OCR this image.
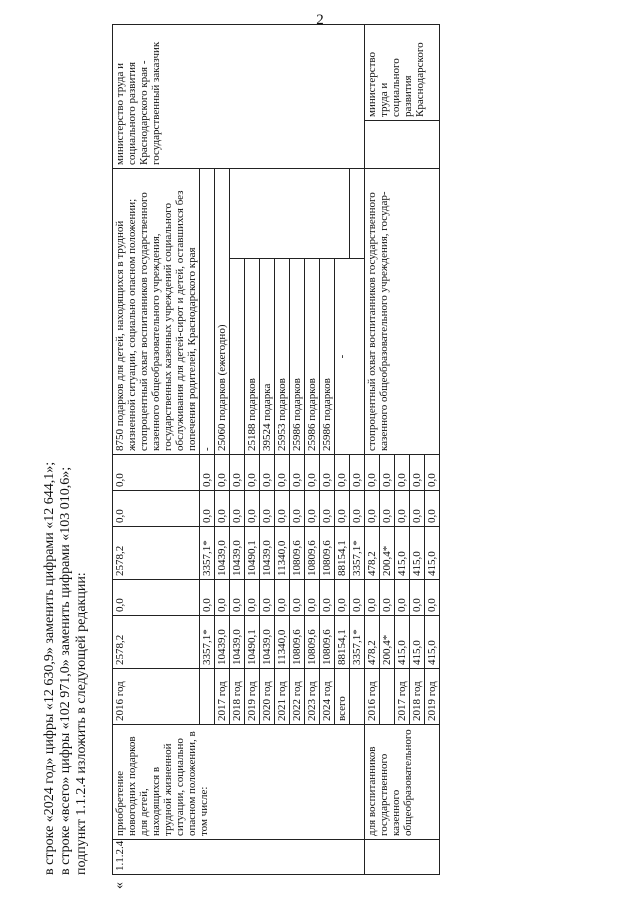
2
в строке «2024 год» цифры «12 630,9» заменить цифрами «12 644,1»; в строке «всего» цифры «102 971,0» заменить цифрами «103 010,6»; подпункт 1.1.2.4 изложить в следующей редакции:
«
1.1.2.4	приобретение новогодних подарков для детей, находящихся в трудной жизненной ситуации, социально опасном положении, в том числе:	2016 год	2578,2	0,0	2578,2	0,0	0,0	8750 подарков для детей, находящихся в трудной жизненной ситуации, социально опасном положении; стопроцентный охват воспитанников государственного казенного общеобразовательного учреждения, государственных казенных учреждений социального обслуживания для детей-сирот и детей, оставшихся без попечения родителей, Краснодарского края		министерство труда и социального развития Краснодарского края - государственный заказчик	
			3357,1*	0,0	3357,1*	0,0	0,0	-			
		2017 год	10439,0	0,0	10439,0	0,0	0,0	25060 подарков (ежегодно)			
		2018 год	10439,0	0,0	10439,0	0,0	0,0				
		2019 год	10490,1	0,0	10490,1	0,0	0,0	25188 подарков			
		2020 год	10439,0	0,0	10439,0	0,0	0,0	39524 подарка			
		2021 год	11340,0	0,0	11340,0	0,0	0,0	25953 подарков			
		2022 год	10809,6	0,0	10809,6	0,0	0,0	25986 подарков			
		2023 год	10809,6	0,0	10809,6	0,0	0,0	25986 подарков			
		2024 год	10809,6	0,0	10809,6	0,0	0,0	25986 подарков			
		всего	88154,1	0,0	88154,1	0,0	0,0	-			
			3357,1*	0,0	3357,1*	0,0	0,0				
	для воспитанников государственного казенного общеобразовательного	2016 год	478,2	0,0	478,2	0,0	0,0	стопроцентный охват воспитанников государственного казенного общеобразовательного учреждения, государ-			министерство труда и социального развития Краснодарского
			200,4*	0,0	200,4*	0,0	0,0				
		2017 год	415,0	0,0	415,0	0,0	0,0				
		2018 год	415,0	0,0	415,0	0,0	0,0				
		2019 год	415,0	0,0	415,0	0,0	0,0				
